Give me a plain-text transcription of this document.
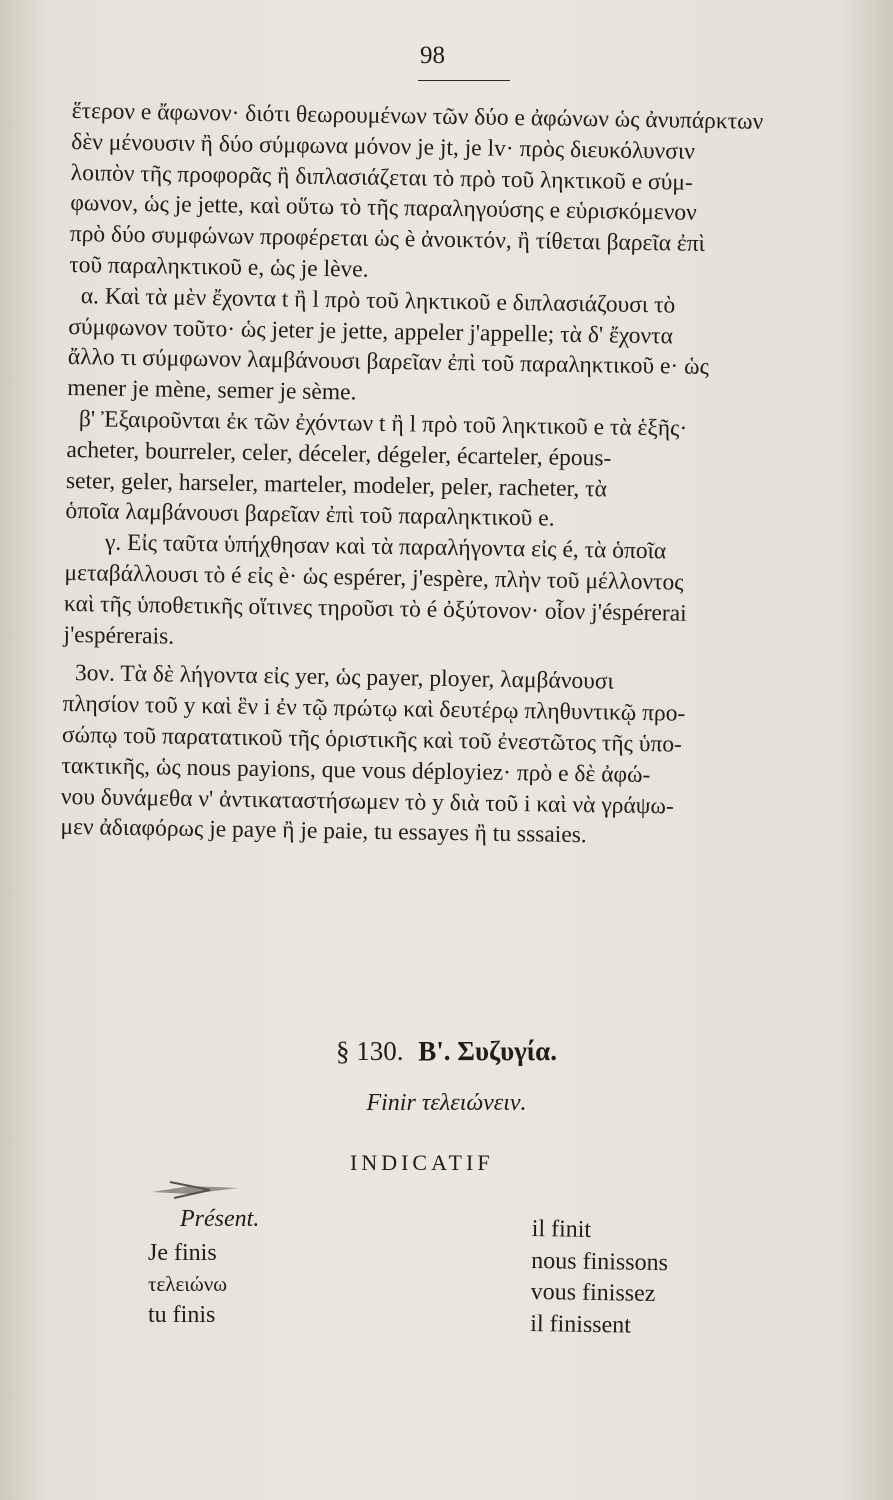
98
ἕτερον e ἄφωνον· διότι θεωρουμένων τῶν δύο e ἀφώνων ὡς ἀνυπάρκτων
δὲν μένουσιν ἢ δύο σύμφωνα μόνον je jt, je lv· πρὸς διευκόλυνσιν
λοιπὸν τῆς προφορᾶς ἢ διπλασιάζεται τὸ πρὸ τοῦ ληκτικοῦ e σύμ-
φωνον, ὡς je jette, καὶ οὕτω τὸ τῆς παραληγούσης e εὑρισκόμενον
πρὸ δύο συμφώνων προφέρεται ὡς è ἀνοικτόν, ἢ τίθεται βαρεῖα ἐπὶ
τοῦ παραληκτικοῦ e, ὡς je lève.
α. Καὶ τὰ μὲν ἔχοντα t ἢ l πρὸ τοῦ ληκτικοῦ e διπλασιάζουσι τὸ
σύμφωνον τοῦτο· ὡς jeter je jette, appeler j'appelle; τὰ δ' ἔχοντα
ἄλλο τι σύμφωνον λαμβάνουσι βαρεῖαν ἐπὶ τοῦ παραληκτικοῦ e· ὡς
mener je mène, semer je sème.
β' Ἐξαιροῦνται ἐκ τῶν ἐχόντων t ἢ l πρὸ τοῦ ληκτικοῦ e τὰ ἑξῆς·
acheter, bourreler, celer, déceler, dégeler, écarteler, épous-
seter, geler, harseler, marteler, modeler, peler, racheter, τὰ
ὁποῖα λαμβάνουσι βαρεῖαν ἐπὶ τοῦ παραληκτικοῦ e.
γ. Εἰς ταῦτα ὑπήχθησαν καὶ τὰ παραλήγοντα εἰς é, τὰ ὁποῖα
μεταβάλλουσι τὸ é εἰς è· ὡς espérer, j'espère, πλὴν τοῦ μέλλοντος
καὶ τῆς ὑποθετικῆς οἵτινες τηροῦσι τὸ é ὀξύτονον· οἷον j'éspérerai
j'espérerais.
3ον. Τὰ δὲ λήγοντα εἰς yer, ὡς payer, ployer, λαμβάνουσι
πλησίον τοῦ y καὶ ἓν i ἐν τῷ πρώτῳ καὶ δευτέρῳ πληθυντικῷ προ-
σώπῳ τοῦ παρατατικοῦ τῆς ὁριστικῆς καὶ τοῦ ἐνεστῶτος τῆς ὑπο-
τακτικῆς, ὡς nous payions, que vous déployiez· πρὸ e δὲ ἀφώ-
νου δυνάμεθα ν' ἀντικαταστήσωμεν τὸ y διὰ τοῦ i καὶ νὰ γράψω-
μεν ἀδιαφόρως je paye ἢ je paie, tu essayes ἢ tu sssaies.
§ 130. Β'. Συζυγία.
Finir τελειώνειν.
INDICATIF
Présent.
Je finis
τελειώνω
tu finis
il finit
nous finissons
vous finissez
il finissent
